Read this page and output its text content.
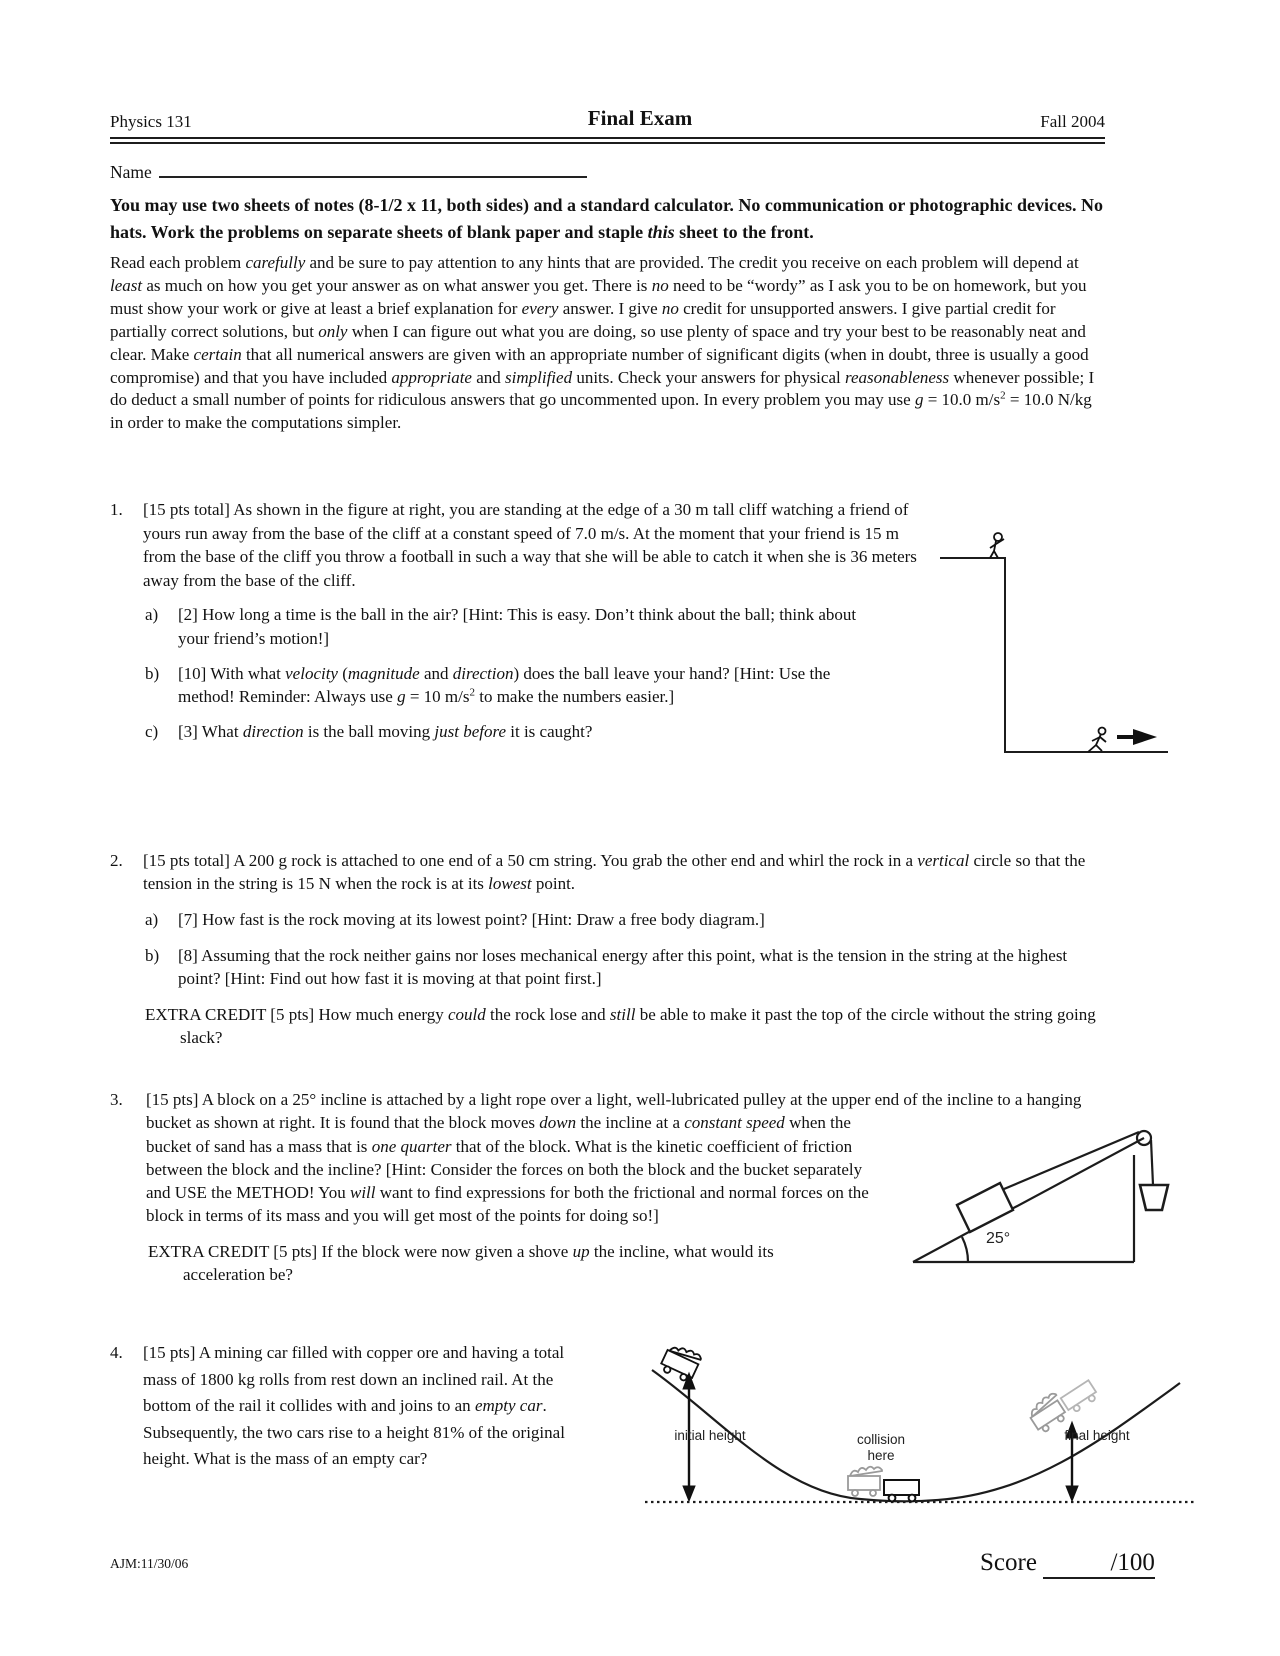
Physics 131	Final Exam	Fall 2004
Name
You may use two sheets of notes (8-1/2 x 11, both sides) and a standard calculator. No communication or photographic devices. No hats. Work the problems on separate sheets of blank paper and staple this sheet to the front.
Read each problem carefully and be sure to pay attention to any hints that are provided. The credit you receive on each problem will depend at least as much on how you get your answer as on what answer you get. There is no need to be “wordy” as I ask you to be on homework, but you must show your work or give at least a brief explanation for every answer. I give no credit for unsupported answers. I give partial credit for partially correct solutions, but only when I can figure out what you are doing, so use plenty of space and try your best to be reasonably neat and clear. Make certain that all numerical answers are given with an appropriate number of significant digits (when in doubt, three is usually a good compromise) and that you have included appropriate and simplified units. Check your answers for physical reasonableness whenever possible; I do deduct a small number of points for ridiculous answers that go uncommented upon. In every problem you may use g = 10.0 $m/s^2 = 10.0$ N/kg in order to make the computations simpler.
1. [15 pts total] As shown in the figure at right, you are standing at the edge of a 30 m tall cliff watching a friend of yours run away from the base of the cliff at a constant speed of 7.0 m/s. At the moment that your friend is 15 m from the base of the cliff you throw a football in such a way that she will be able to catch it when she is 36 meters away from the base of the cliff.
a)	[2] How long a time is the ball in the air? [Hint: This is easy. Don’t think about the ball; think about your friend’s motion!]
b)	[10] With what velocity (magnitude and direction) does the ball leave your hand? [Hint: Use the method! Reminder: Always use g = 10 $m/s^2$ to make the numbers easier.]
c)	[3] What direction is the ball moving just before it is caught?
2. [15 pts total] A 200 g rock is attached to one end of a 50 cm string. You grab the other end and whirl the rock in a vertical circle so that the tension in the string is 15 N when the rock is at its lowest point.
a)	[7] How fast is the rock moving at its lowest point? [Hint: Draw a free body diagram.]
b)	[8] Assuming that the rock neither gains nor loses mechanical energy after this point, what is the tension in the string at the highest point? [Hint: Find out how fast it is moving at that point first.]
EXTRA CREDIT [5 pts] How much energy could the rock lose and still be able to make it past the top of the circle without the string going slack?
3. [15 pts] A block on a 25° incline is attached by a light rope over a light, well-lubricated pulley at the upper end of the incline to a hanging bucket as shown at right. It is found that the block moves down the incline at a constant speed when the bucket of sand has a mass that is one quarter that of the block. What is the kinetic coefficient of friction between the block and the incline? [Hint: Consider the forces on both the block and the bucket separately and USE the METHOD! You will want to find expressions for both the frictional and normal forces on the block in terms of its mass and you will get most of the points for doing so!]
EXTRA CREDIT [5 pts] If the block were now given a shove up the incline, what would its acceleration be?
25°
4. [15 pts] A mining car filled with copper ore and having a total mass of 1800 kg rolls from rest down an inclined rail. At the bottom of the rail it collides with and joins to an empty car. Subsequently, the two cars rise to a height 81% of the original height. What is the mass of an empty car?
initial height	collision here
final height
AJM:11/30/06	Score	/100
